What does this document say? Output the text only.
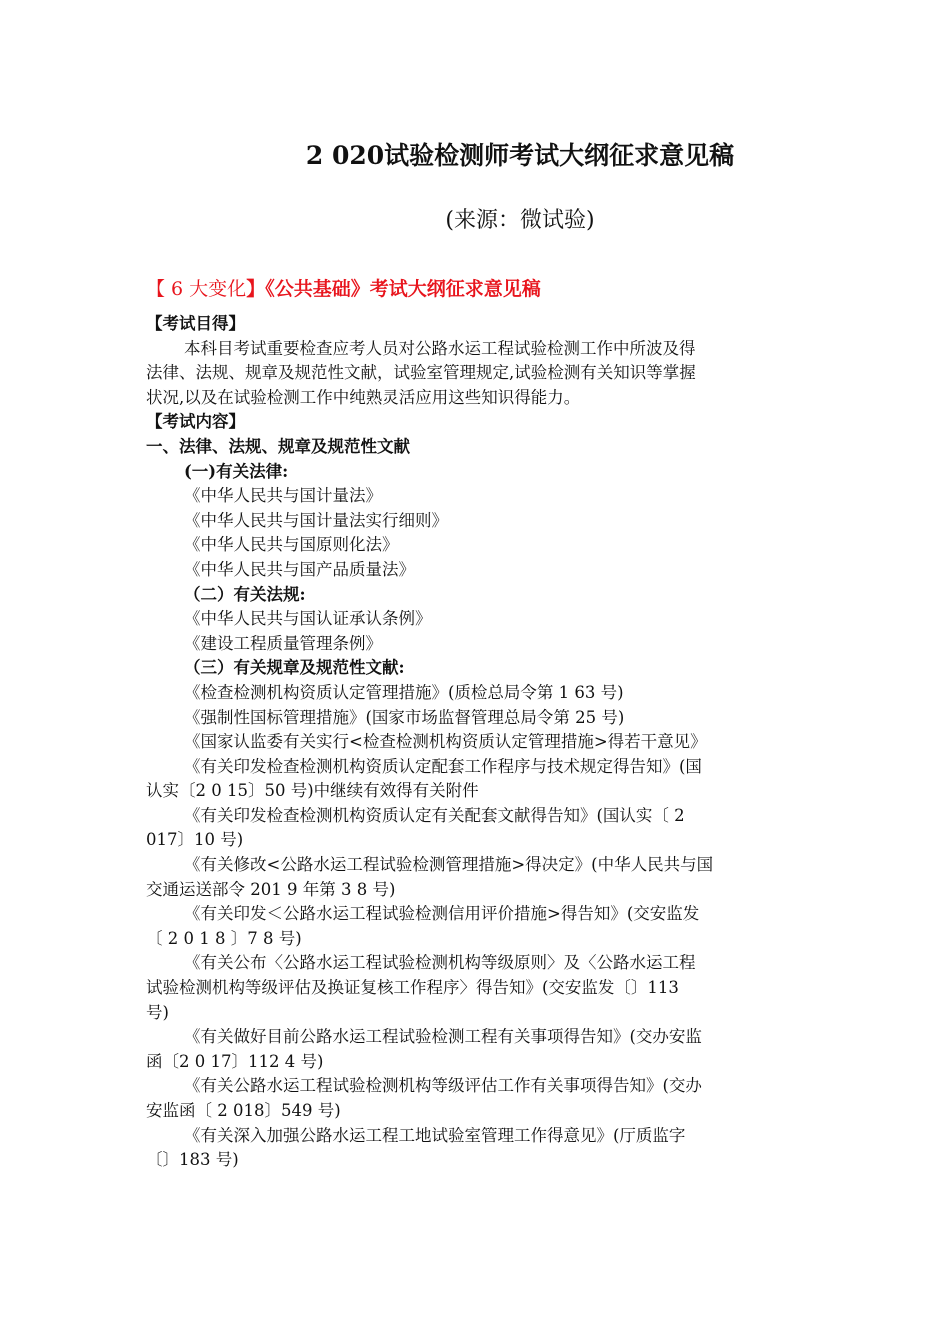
2 020试验检测师考试大纲征求意见稿
(来源：微试验)
【 6 大变化】《公共基础》考试大纲征求意见稿
【考试目得】
本科目考试重要检查应考人员对公路水运工程试验检测工作中所波及得
法律、法规、规章及规范性文献，试验室管理规定,试验检测有关知识等掌握
状况,以及在试验检测工作中纯熟灵活应用这些知识得能力。
【考试内容】
一、法律、法规、规章及规范性文献
(一)有关法律:
《中华人民共与国计量法》
《中华人民共与国计量法实行细则》
《中华人民共与国原则化法》
《中华人民共与国产品质量法》
（二）有关法规:
《中华人民共与国认证承认条例》
《建设工程质量管理条例》
（三）有关规章及规范性文献:
《检查检测机构资质认定管理措施》(质检总局令第 1 63 号)
《强制性国标管理措施》(国家市场监督管理总局令第 25 号)
《国家认监委有关实行<检查检测机构资质认定管理措施>得若干意见》
《有关印发检查检测机构资质认定配套工作程序与技术规定得告知》(国
认实〔2 0 15〕50 号)中继续有效得有关附件
《有关印发检查检测机构资质认定有关配套文献得告知》(国认实〔 2
017〕10 号)
《有关修改<公路水运工程试验检测管理措施>得决定》(中华人民共与国
交通运送部令 201 9 年第 3 8 号)
《有关印发＜公路水运工程试验检测信用评价措施>得告知》(交安监发
〔 2 0 1 8 〕7 8 号)
《有关公布〈公路水运工程试验检测机构等级原则〉及〈公路水运工程
试验检测机构等级评估及换证复核工作程序〉得告知》(交安监发〔〕113
号)
《有关做好目前公路水运工程试验检测工程有关事项得告知》(交办安监
函〔2 0 17〕112 4 号)
《有关公路水运工程试验检测机构等级评估工作有关事项得告知》(交办
安监函〔 2 018〕549 号)
《有关深入加强公路水运工程工地试验室管理工作得意见》(厅质监字
〔〕183 号)
